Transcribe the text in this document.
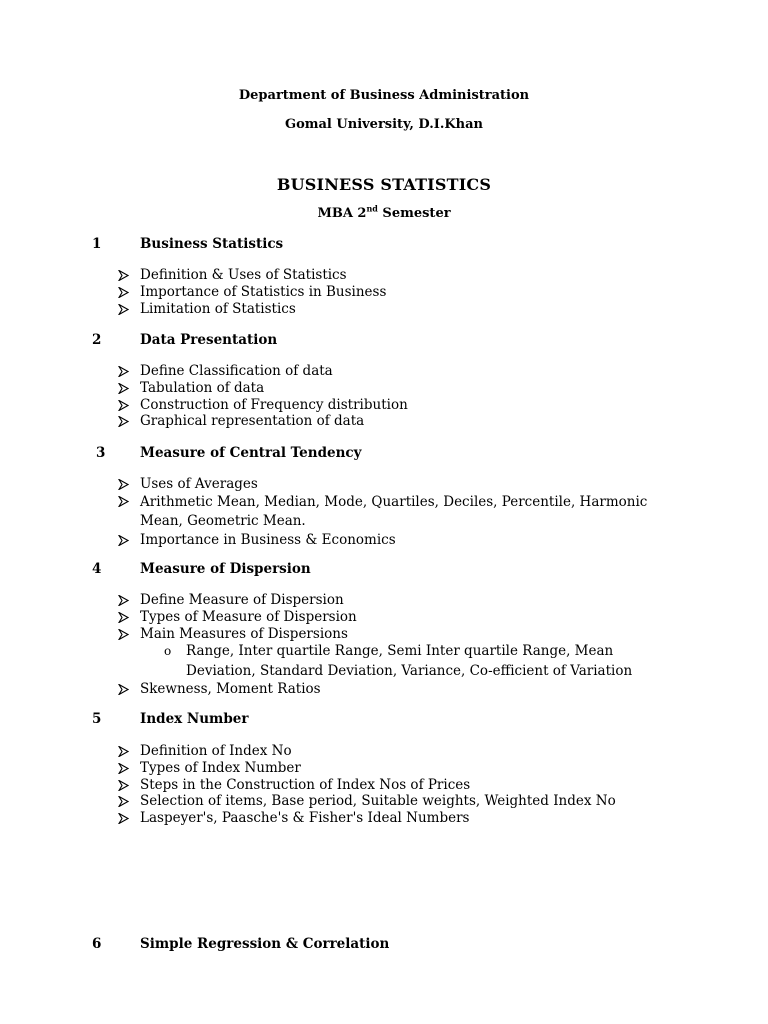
Department of Business Administration
Gomal University, D.I.Khan
BUSINESS STATISTICS
MBA 2nd Semester
1	Business Statistics
Definition & Uses of Statistics
Importance of Statistics in Business
Limitation of Statistics
2	Data Presentation
Define Classification of data
Tabulation of data
Construction of Frequency distribution
Graphical representation of data
3	Measure of Central Tendency
Uses of Averages
Arithmetic Mean, Median, Mode, Quartiles, Deciles, Percentile, Harmonic Mean, Geometric Mean.
Importance in Business & Economics
4	Measure of Dispersion
Define Measure of Dispersion
Types of Measure of Dispersion
Main Measures of Dispersions
o Range, Inter quartile Range, Semi Inter quartile Range, Mean Deviation, Standard Deviation, Variance, Co-efficient of Variation
Skewness, Moment Ratios
5	Index Number
Definition of Index No
Types of Index Number
Steps in the Construction of Index Nos of Prices
Selection of items, Base period, Suitable weights, Weighted Index No
Laspeyer's, Paasche's & Fisher's Ideal Numbers
6	Simple Regression & Correlation
